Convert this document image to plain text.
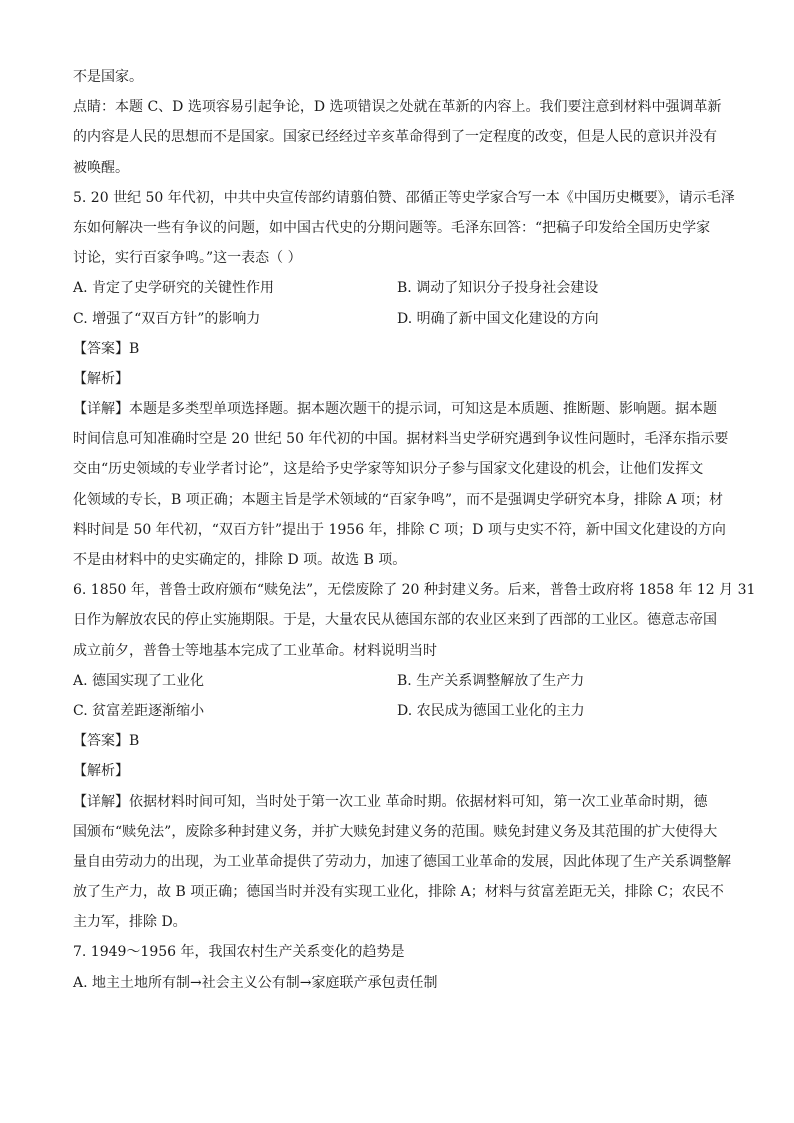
不是国家。
点睛：本题 C、D 选项容易引起争论，D 选项错误之处就在革新的内容上。我们要注意到材料中强调革新
的内容是人民的思想而不是国家。国家已经经过辛亥革命得到了一定程度的改变，但是人民的意识并没有
被唤醒。
5. 20 世纪 50 年代初，中共中央宣传部约请翦伯赞、邵循正等史学家合写一本《中国历史概要》，请示毛泽
东如何解决一些有争议的问题，如中国古代史的分期问题等。毛泽东回答：“把稿子印发给全国历史学家
讨论，实行百家争鸣。”这一表态（ ）
A. 肯定了史学研究的关键性作用	B. 调动了知识分子投身社会建设
C. 增强了“双百方针”的影响力	D. 明确了新中国文化建设的方向
【答案】B
【解析】
【详解】本题是多类型单项选择题。据本题次题干的提示词，可知这是本质题、推断题、影响题。据本题
时间信息可知准确时空是 20 世纪 50 年代初的中国。据材料当史学研究遇到争议性问题时，毛泽东指示要
交由“历史领域的专业学者讨论”，这是给予史学家等知识分子参与国家文化建设的机会，让他们发挥文
化领域的专长，B 项正确；本题主旨是学术领域的“百家争鸣”，而不是强调史学研究本身，排除 A 项；材
料时间是 50 年代初，“双百方针”提出于 1956 年，排除 C 项；D 项与史实不符，新中国文化建设的方向
不是由材料中的史实确定的，排除 D 项。故选 B 项。
6. 1850 年，普鲁士政府颁布“赎免法”，无偿废除了 20 种封建义务。后来，普鲁士政府将 1858 年 12 月 31
日作为解放农民的停止实施期限。于是，大量农民从德国东部的农业区来到了西部的工业区。德意志帝国
成立前夕，普鲁士等地基本完成了工业革命。材料说明当时
A. 德国实现了工业化	B. 生产关系调整解放了生产力
C. 贫富差距逐渐缩小	D. 农民成为德国工业化的主力
【答案】B
【解析】
【详解】依据材料时间可知，当时处于第一次工业 革命时期。依据材料可知，第一次工业革命时期，德
国颁布“赎免法”，废除多种封建义务，并扩大赎免封建义务的范围。赎免封建义务及其范围的扩大使得大
量自由劳动力的出现，为工业革命提供了劳动力，加速了德国工业革命的发展，因此体现了生产关系调整解
放了生产力，故 B 项正确；德国当时并没有实现工业化，排除 A；材料与贫富差距无关，排除 C；农民不
主力军，排除 D。
7. 1949～1956 年，我国农村生产关系变化的趋势是
A. 地主土地所有制→社会主义公有制→家庭联产承包责任制
